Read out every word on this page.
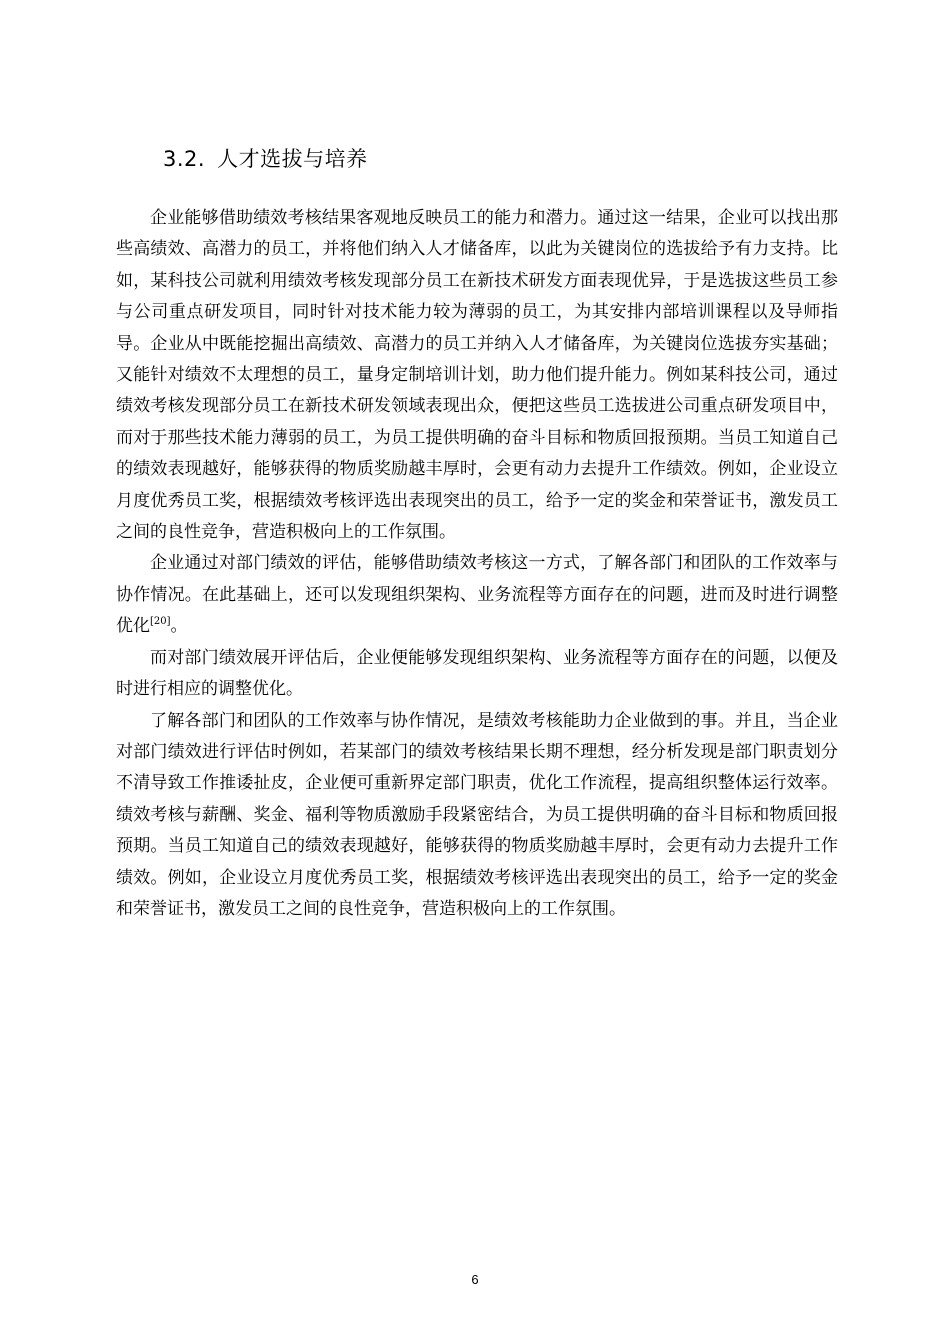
3.2. 人才选拔与培养

企业能够借助绩效考核结果客观地反映员工的能力和潜力。通过这一结果，企业可以找出那些高绩效、高潜力的员工，并将他们纳入人才储备库，以此为关键岗位的选拔给予有力支持。比如，某科技公司就利用绩效考核发现部分员工在新技术研发方面表现优异，于是选拔这些员工参与公司重点研发项目，同时针对技术能力较为薄弱的员工，为其安排内部培训课程以及导师指导。企业从中既能挖掘出高绩效、高潜力的员工并纳入人才储备库，为关键岗位选拔夯实基础；又能针对绩效不太理想的员工，量身定制培训计划，助力他们提升能力。例如某科技公司，通过绩效考核发现部分员工在新技术研发领域表现出众，便把这些员工选拔进公司重点研发项目中，而对于那些技术能力薄弱的员工，为员工提供明确的奋斗目标和物质回报预期。当员工知道自己的绩效表现越好，能够获得的物质奖励越丰厚时，会更有动力去提升工作绩效。例如，企业设立月度优秀员工奖，根据绩效考核评选出表现突出的员工，给予一定的奖金和荣誉证书，激发员工之间的良性竞争，营造积极向上的工作氛围。

企业通过对部门绩效的评估，能够借助绩效考核这一方式，了解各部门和团队的工作效率与协作情况。在此基础上，还可以发现组织架构、业务流程等方面存在的问题，进而及时进行调整优化[20]。

而对部门绩效展开评估后，企业便能够发现组织架构、业务流程等方面存在的问题，以便及时进行相应的调整优化。

了解各部门和团队的工作效率与协作情况，是绩效考核能助力企业做到的事。并且，当企业对部门绩效进行评估时例如，若某部门的绩效考核结果长期不理想，经分析发现是部门职责划分不清导致工作推诿扯皮，企业便可重新界定部门职责，优化工作流程，提高组织整体运行效率。绩效考核与薪酬、奖金、福利等物质激励手段紧密结合，为员工提供明确的奋斗目标和物质回报预期。当员工知道自己的绩效表现越好，能够获得的物质奖励越丰厚时，会更有动力去提升工作绩效。例如，企业设立月度优秀员工奖，根据绩效考核评选出表现突出的员工，给予一定的奖金和荣誉证书，激发员工之间的良性竞争，营造积极向上的工作氛围。

6
